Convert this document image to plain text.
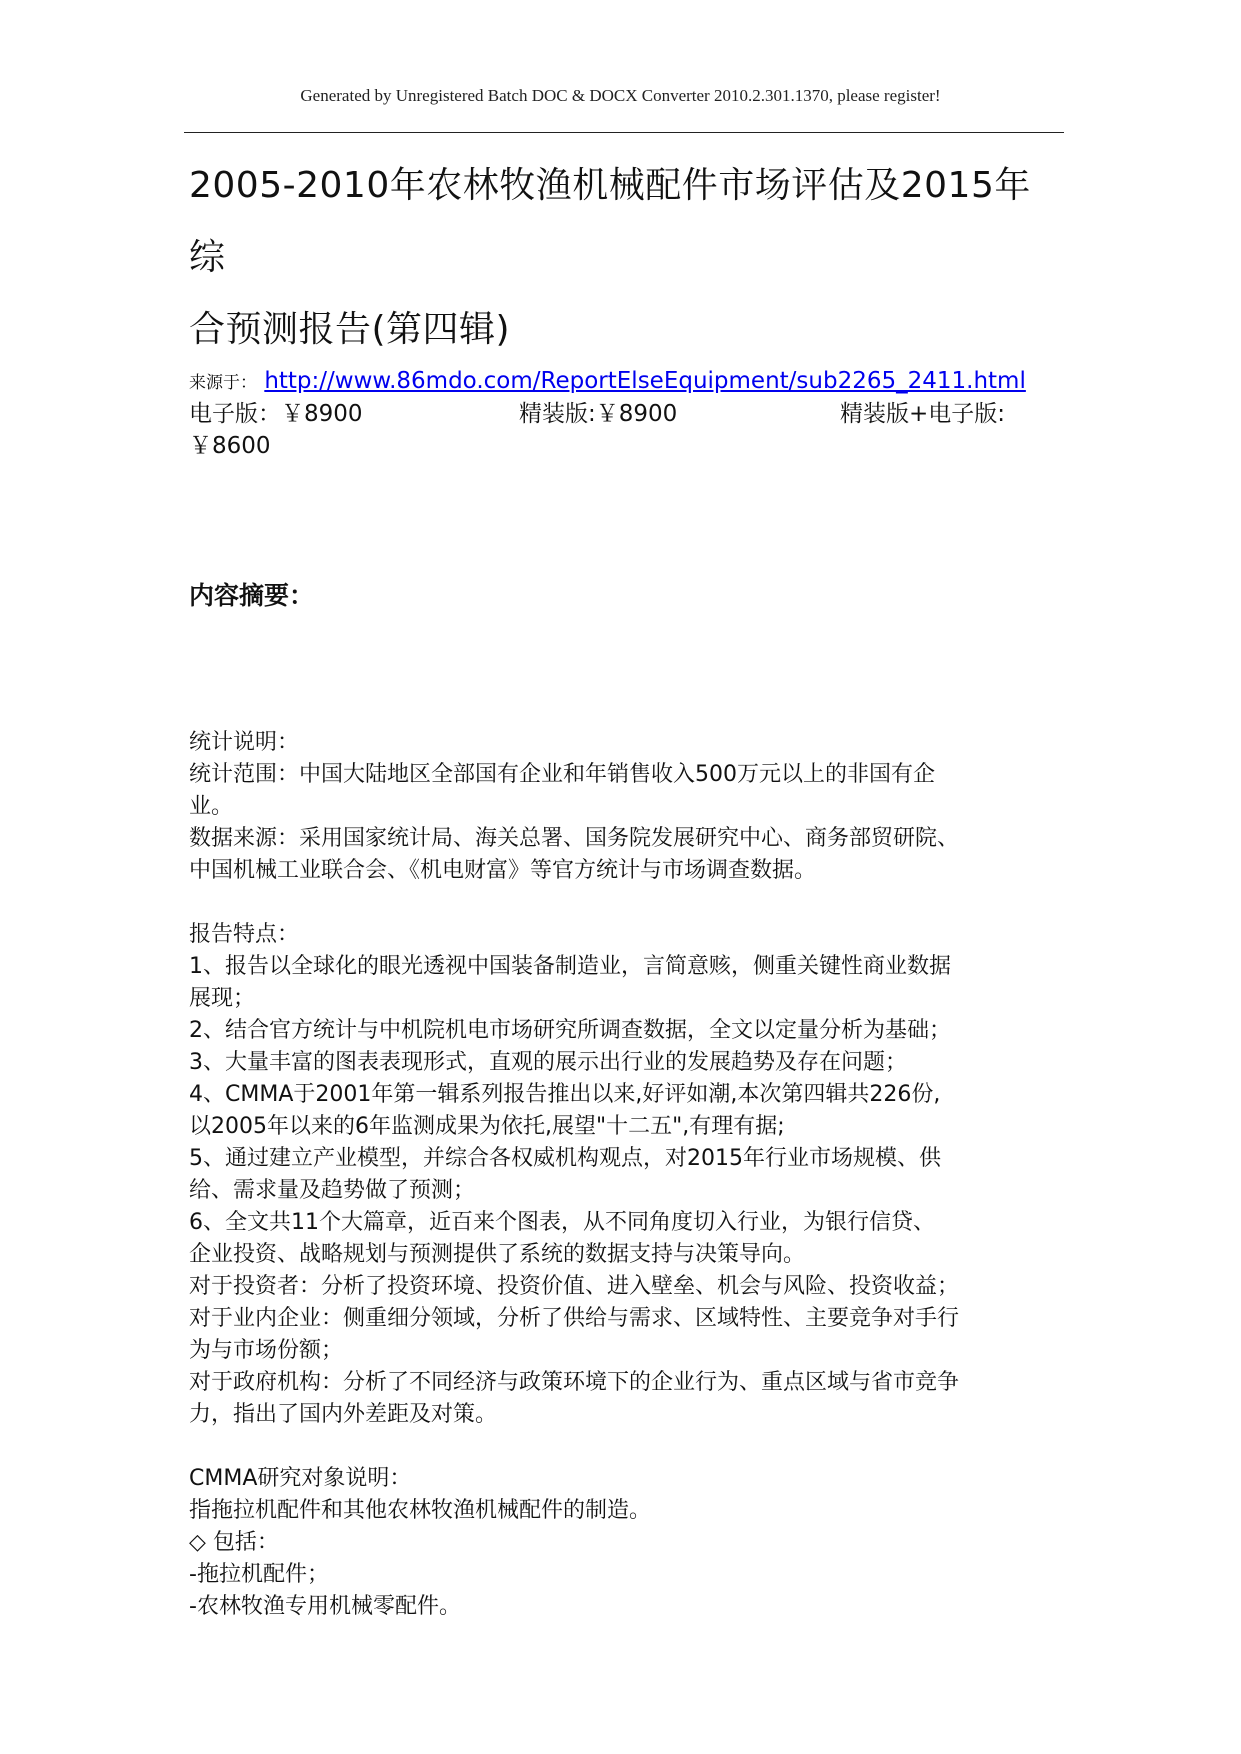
Generated by Unregistered Batch DOC & DOCX Converter 2010.2.301.1370, please register!
2005-2010年农林牧渔机械配件市场评估及2015年综
合预测报告(第四辑)
来源于： http://www.86mdo.com/ReportElseEquipment/sub2265_2411.html
电子版：￥8900	精装版:￥8900	精装版+电子版:
￥8600
内容摘要：

统计说明：

统计范围：中国大陆地区全部国有企业和年销售收入500万元以上的非国有企

业。

数据来源：采用国家统计局、海关总署、国务院发展研究中心、商务部贸研院、

中国机械工业联合会、《机电财富》等官方统计与市场调查数据。

报告特点：

1、报告以全球化的眼光透视中国装备制造业，言简意赅，侧重关键性商业数据

展现；

2、结合官方统计与中机院机电市场研究所调查数据，全文以定量分析为基础；

3、大量丰富的图表表现形式，直观的展示出行业的发展趋势及存在问题；

4、CMMA于2001年第一辑系列报告推出以来,好评如潮,本次第四辑共226份,

以2005年以来的6年监测成果为依托,展望"十二五",有理有据;

5、通过建立产业模型，并综合各权威机构观点，对2015年行业市场规模、供

给、需求量及趋势做了预测；

6、全文共11个大篇章，近百来个图表，从不同角度切入行业，为银行信贷、

企业投资、战略规划与预测提供了系统的数据支持与决策导向。

对于投资者：分析了投资环境、投资价值、进入壁垒、机会与风险、投资收益；

对于业内企业：侧重细分领域，分析了供给与需求、区域特性、主要竞争对手行

为与市场份额；

对于政府机构：分析了不同经济与政策环境下的企业行为、重点区域与省市竞争

力，指出了国内外差距及对策。

CMMA研究对象说明：

指拖拉机配件和其他农林牧渔机械配件的制造。

◇ 包括：

-拖拉机配件；

-农林牧渔专用机械零配件。
